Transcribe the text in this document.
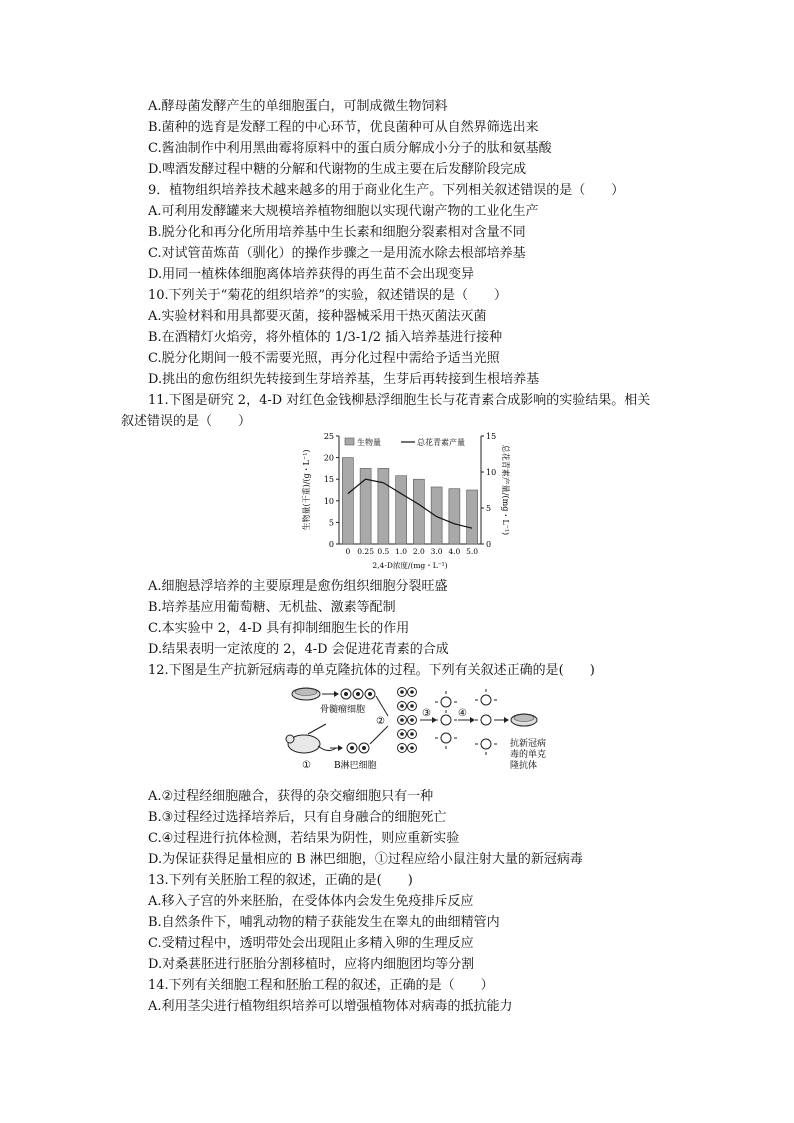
A.酵母菌发酵产生的单细胞蛋白，可制成微生物饲料
B.菌种的选育是发酵工程的中心环节，优良菌种可从自然界筛选出来
C.酱油制作中利用黑曲霉将原料中的蛋白质分解成小分子的肽和氨基酸
D.啤酒发酵过程中糖的分解和代谢物的生成主要在后发酵阶段完成
9．植物组织培养技术越来越多的用于商业化生产。下列相关叙述错误的是（　　）
A.可利用发酵罐来大规模培养植物细胞以实现代谢产物的工业化生产
B.脱分化和再分化所用培养基中生长素和细胞分裂素相对含量不同
C.对试管苗炼苗（驯化）的操作步骤之一是用流水除去根部培养基
D.用同一植株体细胞离体培养获得的再生苗不会出现变异
10.下列关于“菊花的组织培养”的实验，叙述错误的是（　　）
A.实验材料和用具都要灭菌，接种器械采用干热灭菌法灭菌
B.在酒精灯火焰旁，将外植体的 1/3-1/2 插入培养基进行接种
C.脱分化期间一般不需要光照，再分化过程中需给予适当光照
D.挑出的愈伤组织先转接到生芽培养基，生芽后再转接到生根培养基
11.下图是研究 2，4-D 对红色金钱柳悬浮细胞生长与花青素合成影响的实验结果。相关
叙述错误的是（　　）
0
5
10
15
20
25
0
5
10
15
0 0.25 0.5 1.0 2.0 3.0 4.0 5.0
生物量	总花青素产量
2,4-D浓度/(mg・L⁻¹)
生物量(干重)/(g・L⁻¹)	总花青素产量/(mg・L⁻¹)
A.细胞悬浮培养的主要原理是愈伤组织细胞分裂旺盛
B.培养基应用葡萄糖、无机盐、激素等配制
C.本实验中 2，4-D 具有抑制细胞生长的作用
D.结果表明一定浓度的 2，4-D 会促进花青素的合成
12.下图是生产抗新冠病毒的单克隆抗体的过程。下列有关叙述正确的是(　　)
骨髓瘤细胞
①	B淋巴细胞
②
③	④
抗新冠病
毒的单克
隆抗体
A.②过程经细胞融合，获得的杂交瘤细胞只有一种
B.③过程经过选择培养后，只有自身融合的细胞死亡
C.④过程进行抗体检测，若结果为阴性，则应重新实验
D.为保证获得足量相应的 B 淋巴细胞，①过程应给小鼠注射大量的新冠病毒
13.下列有关胚胎工程的叙述，正确的是(　　)
A.移入子宫的外来胚胎，在受体体内会发生免疫排斥反应
B.自然条件下，哺乳动物的精子获能发生在睾丸的曲细精管内
C.受精过程中，透明带处会出现阻止多精入卵的生理反应
D.对桑葚胚进行胚胎分割移植时，应将内细胞团均等分割
14.下列有关细胞工程和胚胎工程的叙述，正确的是（　　）
A.利用茎尖进行植物组织培养可以增强植物体对病毒的抵抗能力
